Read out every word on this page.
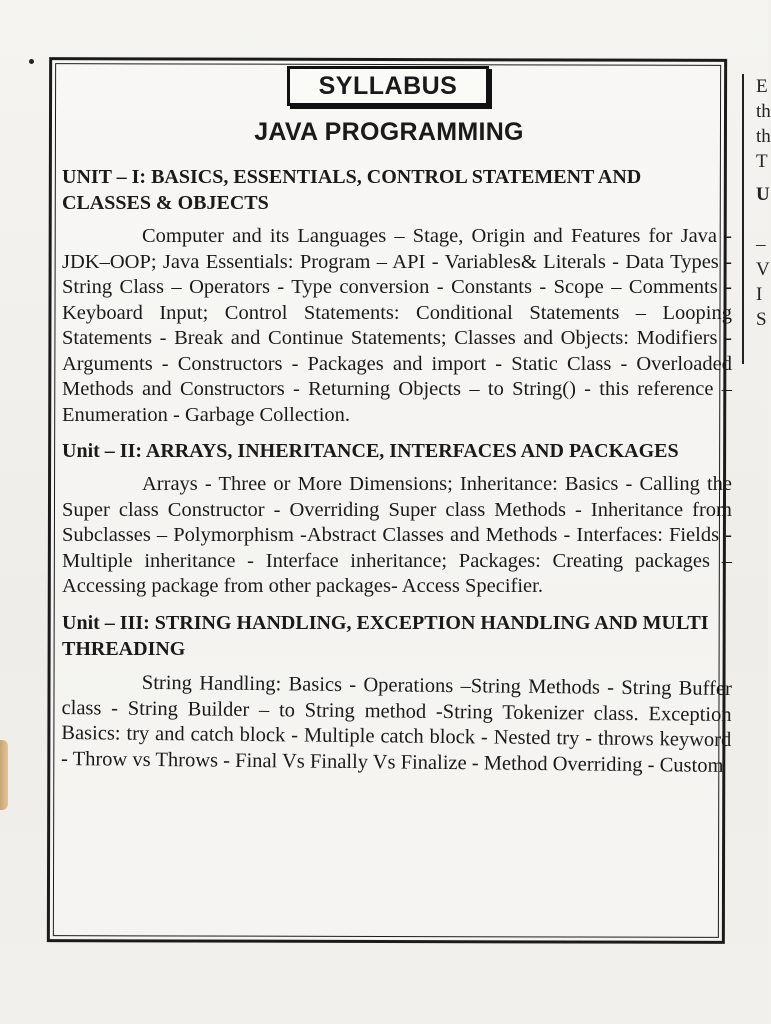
E
th
th
T
U
–
V
I
S
SYLLABUS
JAVA PROGRAMMING
UNIT – I: BASICS, ESSENTIALS, CONTROL STATEMENT AND CLASSES & OBJECTS

Computer and its Languages – Stage, Origin and Features for Java - JDK–OOP; Java Essentials: Program – API - Variables& Literals - Data Types - String Class – Operators - Type conversion - Constants - Scope – Comments - Keyboard Input; Control Statements: Conditional Statements – Looping Statements - Break and Continue Statements; Classes and Objects: Modifiers - Arguments - Constructors - Packages and import - Static Class - Overloaded Methods and Constructors - Returning Objects – to String() - this reference –Enumeration - Garbage Collection.

Unit – II: ARRAYS, INHERITANCE, INTERFACES AND PACKAGES

Arrays - Three or More Dimensions; Inheritance: Basics - Calling the Super class Constructor - Overriding Super class Methods - Inheritance from Subclasses – Polymorphism -Abstract Classes and Methods - Interfaces: Fields - Multiple inheritance - Interface inheritance; Packages: Creating packages – Accessing package from other packages- Access Specifier.

Unit – III: STRING HANDLING, EXCEPTION HANDLING AND MULTI THREADING

String Handling: Basics - Operations –String Methods - String Buffer class - String Builder – to String method -String Tokenizer class. Exception Basics: try and catch block - Multiple catch block - Nested try - throws keyword - Throw vs Throws - Final Vs Finally Vs Finalize - Method Overriding - Custom
